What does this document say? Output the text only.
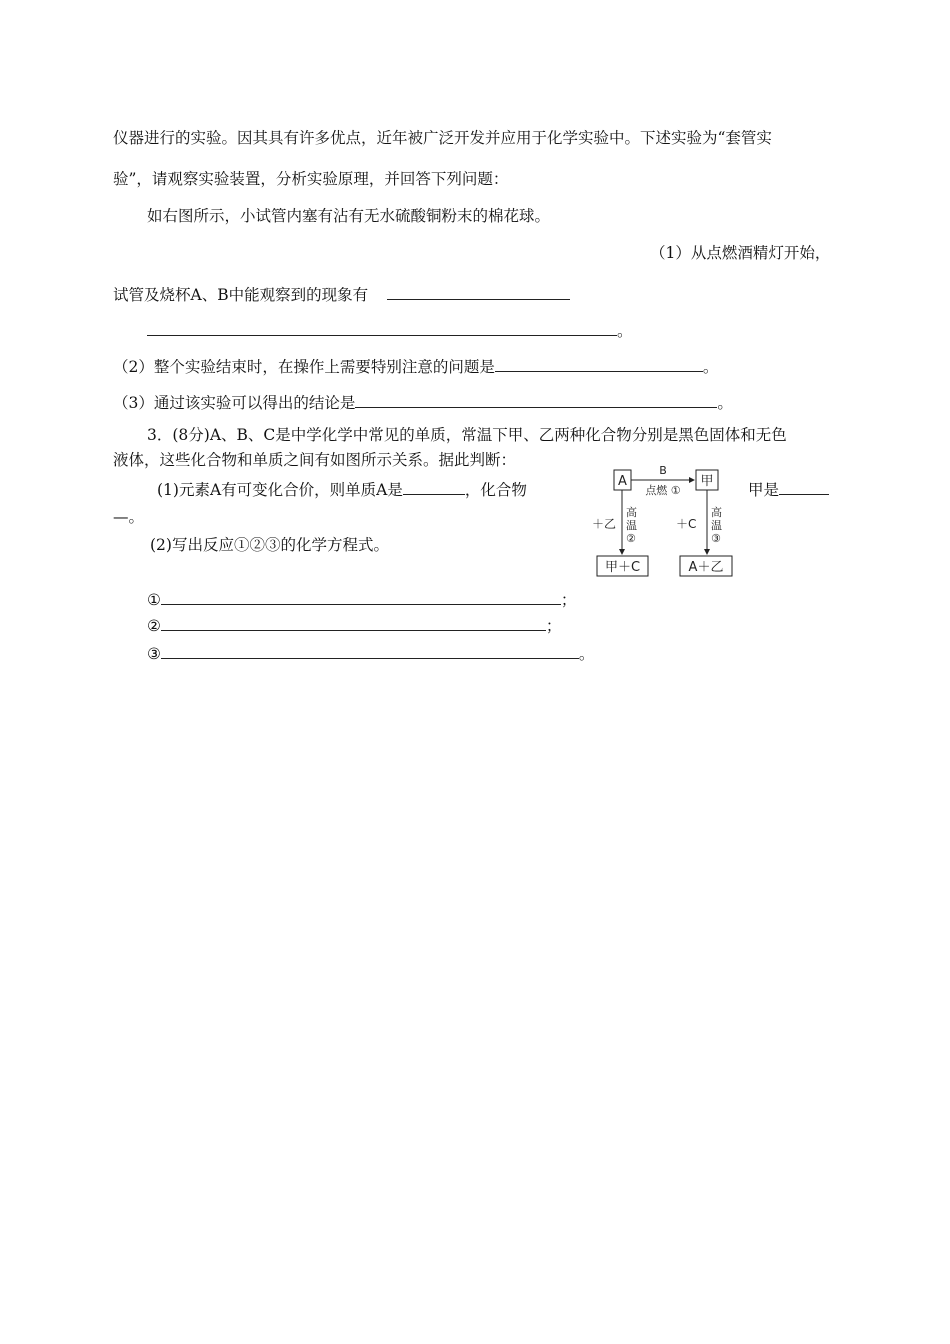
仪器进行的实验。因其具有许多优点，近年被广泛开发并应用于化学实验中。下述实验为“套管实
验”，请观察实验装置，分析实验原理，并回答下列问题：
如右图所示，小试管内塞有沾有无水硫酸铜粉末的棉花球。
（1）从点燃酒精灯开始，
试管及烧杯A、B中能观察到的现象有
。
（2）整个实验结束时，在操作上需要特别注意的问题是	。
（3）通过该实验可以得出的结论是	。
3．(8分)A、B、C是中学化学中常见的单质，常温下甲、乙两种化合物分别是黑色固体和无色
液体，这些化合物和单质之间有如图所示关系。据此判断：
(1)元素A有可变化合价，则单质A是	，化合物	甲是
—。
(2)写出反应①②③的化学方程式。
①	；
②	；
③	。
A	甲
B
点燃 ①
＋乙
高
温
②
＋C
高
温
③
甲＋C	A＋乙
